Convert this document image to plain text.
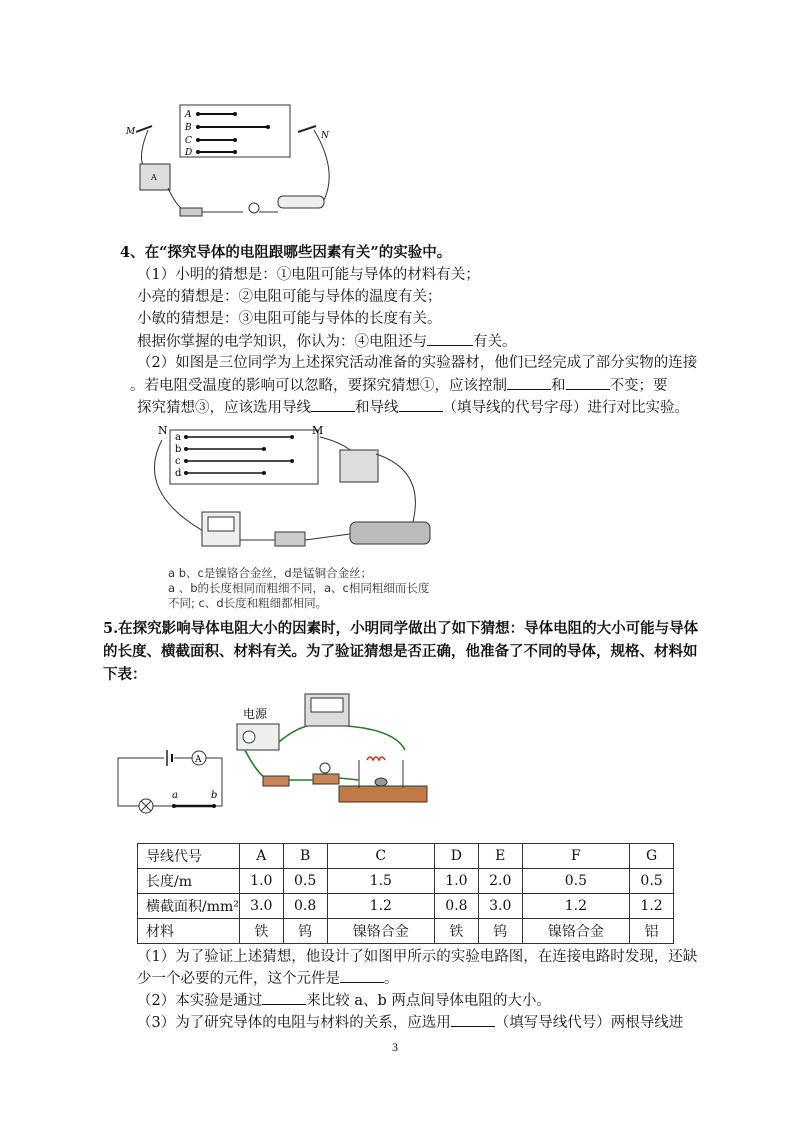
A
B
C
D
M	N
A
4、在“探究导体的电阻跟哪些因素有关”的实验中。
（1）小明的猜想是：①电阻可能与导体的材料有关；
小亮的猜想是：②电阻可能与导体的温度有关；
小敏的猜想是：③电阻可能与导体的长度有关。
根据你掌握的电学知识，你认为：④电阻还与	有关。
（2）如图是三位同学为上述探究活动准备的实验器材，他们已经完成了部分实物的连接
。若电阻受温度的影响可以忽略，要探究猜想①，应该控制	和	不变；要
探究猜想③，应该选用导线	和导线	（填导线的代号字母）进行对比实验。
a
b
c
d
N	M
a b、c是镍铬合金丝，d是锰铜合金丝；
a 、b的长度相同而粗细不同，a、c相同粗细而长度
不同; c、d长度和粗细都相同。
5.在探究影响导体电阻大小的因素时，小明同学做出了如下猜想：导体电阻的大小可能与导体
的长度、横截面积、材料有关。为了验证猜想是否正确，他准备了不同的导体，规格、材料如
下表：
A
a	b
电源
导线代号	A	B	C	D	E	F	G
长度/m	1.0	0.5	1.5	1.0	2.0	0.5	0.5
横截面积/mm²	3.0	0.8	1.2	0.8	3.0	1.2	1.2
材料	铁	钨	镍铬合金	铁	钨	镍铬合金	铝
（1）为了验证上述猜想，他设计了如图甲所示的实验电路图，在连接电路时发现，还缺
少一个必要的元件，这个元件是	。
（2）本实验是通过	来比较 a、b 两点间导体电阻的大小。
（3）为了研究导体的电阻与材料的关系，应选用	（填写导线代号）两根导线进
3
